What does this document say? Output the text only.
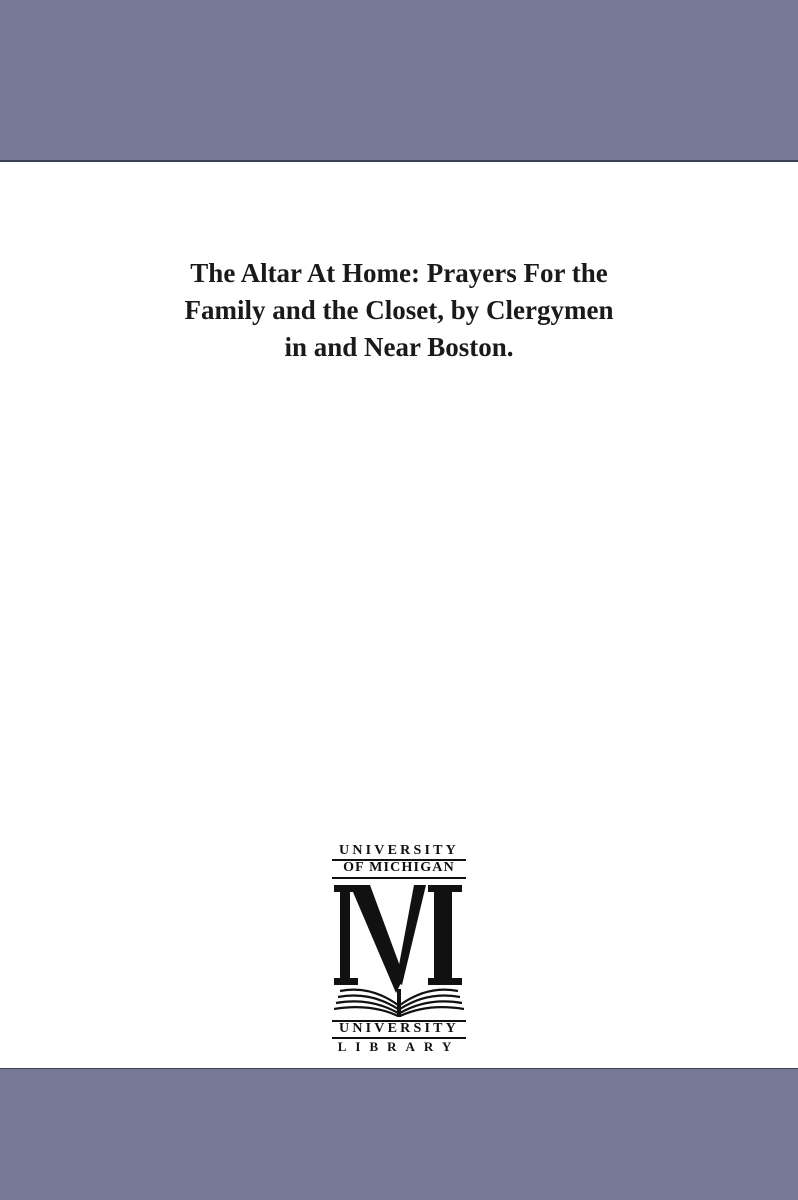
The Altar At Home: Prayers For the
Family and the Closet, by Clergymen
in and Near Boston.
UNIVERSITY
OF MICHIGAN
UNIVERSITY
LIBRARY
